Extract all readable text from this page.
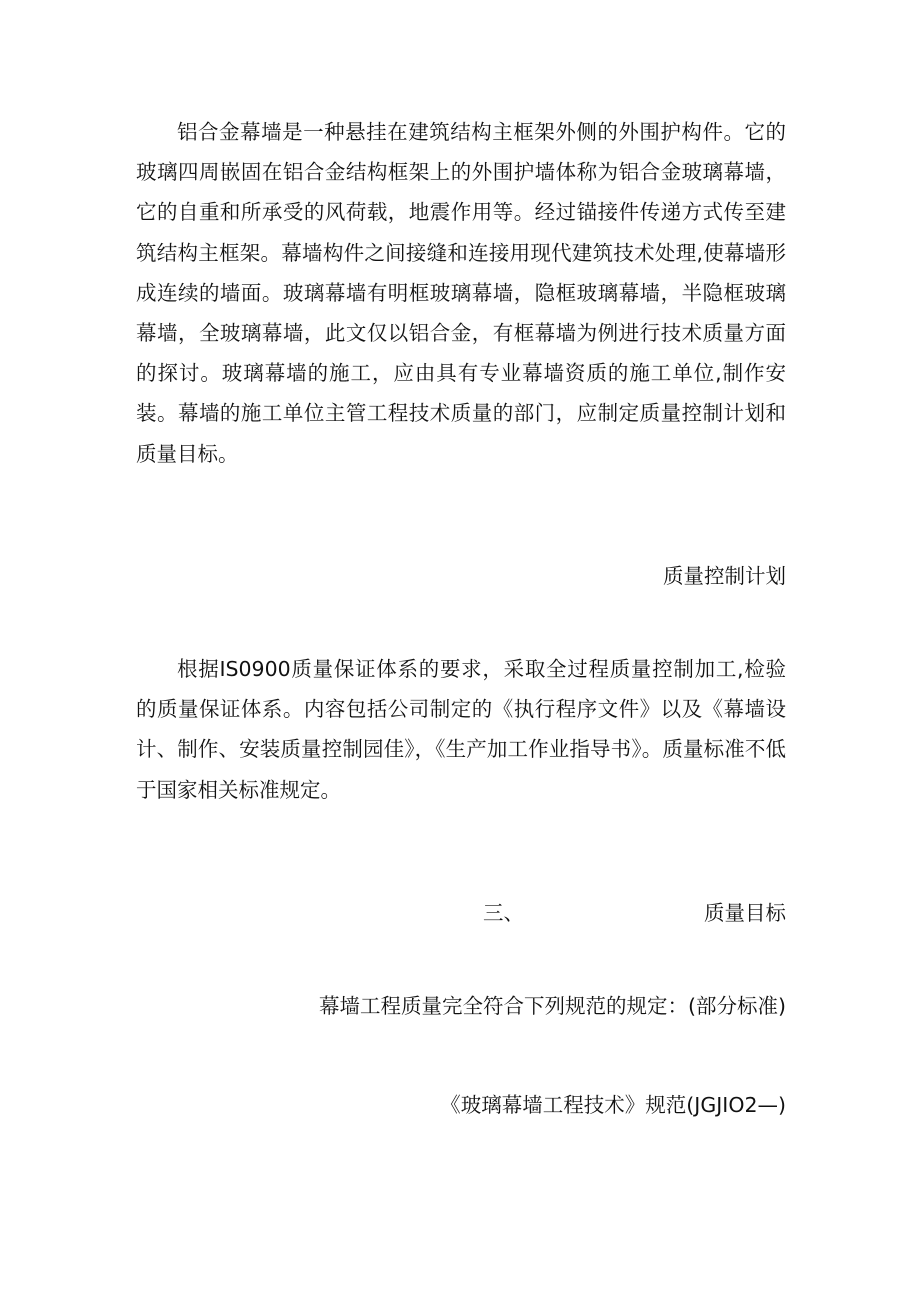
铝合金幕墙是一种悬挂在建筑结构主框架外侧的外围护构件。它的玻璃四周嵌固在铝合金结构框架上的外围护墙体称为铝合金玻璃幕墙，它的自重和所承受的风荷载，地震作用等。经过锚接件传递方式传至建筑结构主框架。幕墙构件之间接缝和连接用现代建筑技术处理,使幕墙形成连续的墙面。玻璃幕墙有明框玻璃幕墙，隐框玻璃幕墙，半隐框玻璃幕墙，全玻璃幕墙，此文仅以铝合金，有框幕墙为例进行技术质量方面的探讨。玻璃幕墙的施工，应由具有专业幕墙资质的施工单位,制作安装。幕墙的施工单位主管工程技术质量的部门，应制定质量控制计划和质量目标。

质量控制计划

根据IS0900质量保证体系的要求，采取全过程质量控制加工,检验的质量保证体系。内容包括公司制定的《执行程序文件》以及《幕墙设计、制作、安装质量控制园佳》，《生产加工作业指导书》。质量标准不低于国家相关标准规定。

三、	质量目标

幕墙工程质量完全符合下列规范的规定：(部分标准)

《玻璃幕墙工程技术》规范(JGJIO2—)
